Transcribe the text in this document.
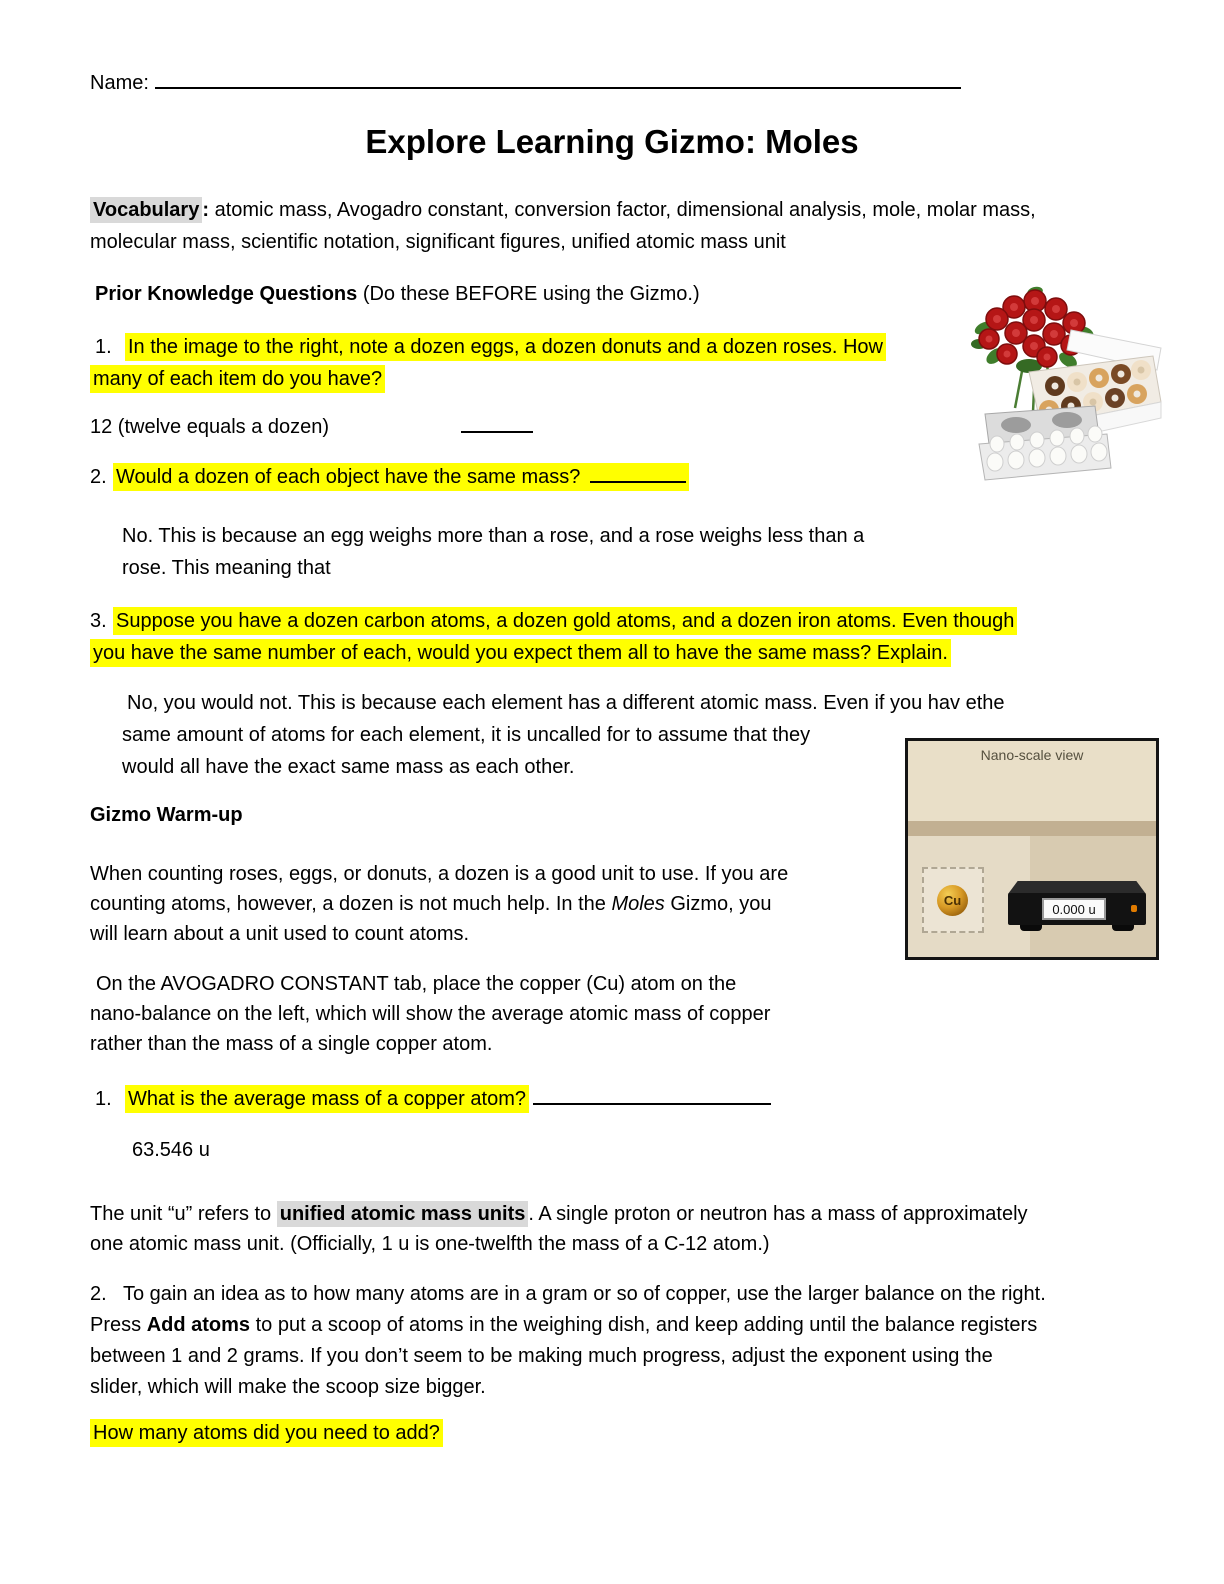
Name:
Explore Learning Gizmo: Moles
Vocabulary : atomic mass, Avogadro constant, conversion factor, dimensional analysis, mole, molar mass,
molecular mass, scientific notation, significant figures, unified atomic mass unit
Prior Knowledge Questions (Do these BEFORE using the Gizmo.)
1. In the image to the right, note a dozen eggs, a dozen donuts and a dozen roses. How
many of each item do you have?
12 (twelve equals a dozen)
2. Would a dozen of each object have the same mass?
No. This is because an egg weighs more than a rose, and a rose weighs less than a
rose. This meaning that
3. Suppose you have a dozen carbon atoms, a dozen gold atoms, and a dozen iron atoms. Even though
you have the same number of each, would you expect them all to have the same mass? Explain.
No, you would not. This is because each element has a different atomic mass. Even if you hav ethe
same amount of atoms for each element, it is uncalled for to assume that they
would all have the exact same mass as each other.
Gizmo Warm-up
When counting roses, eggs, or donuts, a dozen is a good unit to use. If you are
counting atoms, however, a dozen is not much help. In the Moles Gizmo, you
will learn about a unit used to count atoms.
On the AVOGADRO CONSTANT tab, place the copper (Cu) atom on the
nano-balance on the left, which will show the average atomic mass of copper
rather than the mass of a single copper atom.
1. What is the average mass of a copper atom?
63.546 u
The unit “u” refers to unified atomic mass units . A single proton or neutron has a mass of approximately
one atomic mass unit. (Officially, 1 u is one-twelfth the mass of a C-12 atom.)
2. To gain an idea as to how many atoms are in a gram or so of copper, use the larger balance on the right.
Press Add atoms to put a scoop of atoms in the weighing dish, and keep adding until the balance registers
between 1 and 2 grams. If you don’t seem to be making much progress, adjust the exponent using the
slider, which will make the scoop size bigger.
How many atoms did you need to add?
Nano-scale view
Cu
0.000 u
